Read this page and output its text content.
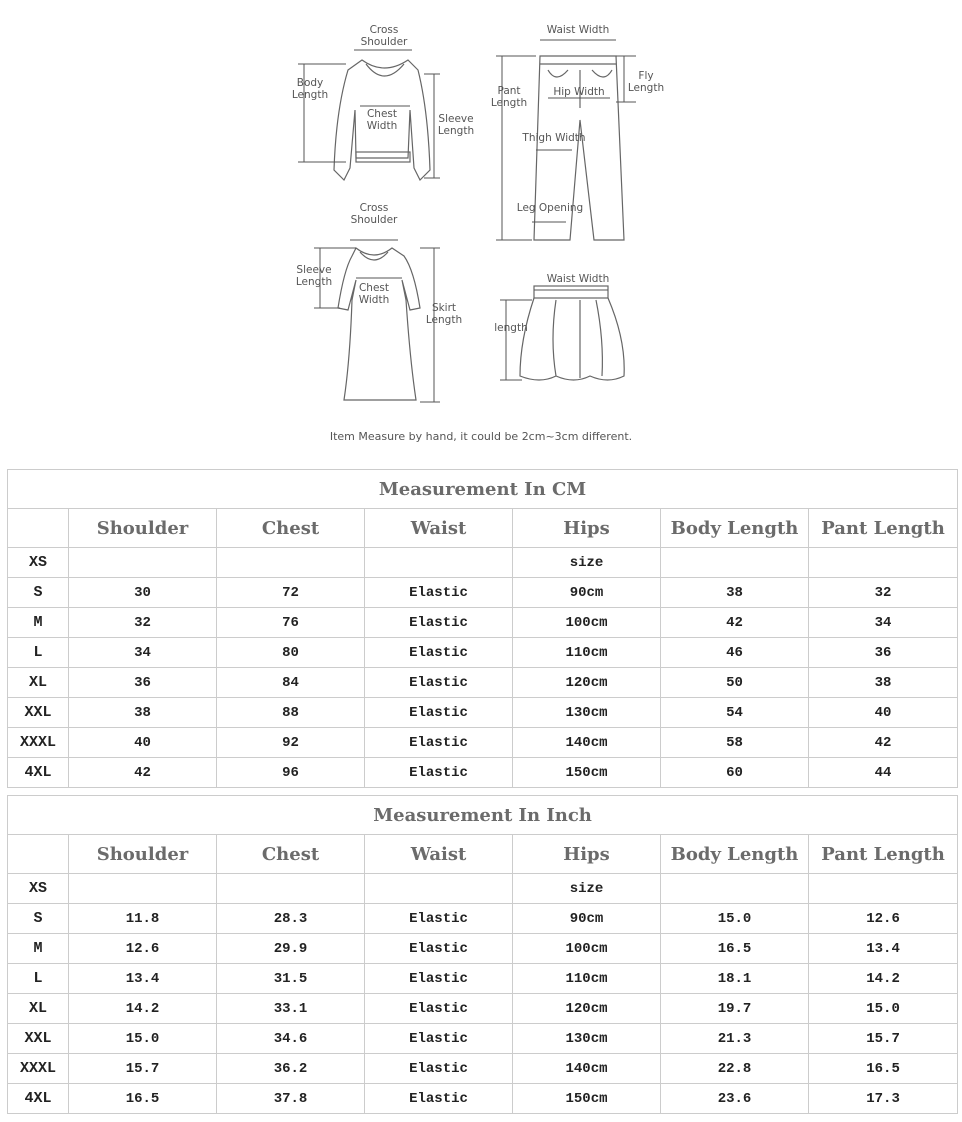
Cross
Shoulder
Body
Length
Chest
Width
Sleeve
Length
Waist Width
Pant
Length
Hip Width
Fly
Length
Thigh Width
Leg Opening
Cross
Shoulder
Sleeve
Length	Chest
Width
Skirt
Length
Waist Width
length
Item Measure by hand, it could be 2cm~3cm different.
Measurement In CM						
	Shoulder	Chest	Waist	Hips	Body Length	Pant Length
XS				size		
S	30	72	Elastic	90cm	38	32
M	32	76	Elastic	100cm	42	34
L	34	80	Elastic	110cm	46	36
XL	36	84	Elastic	120cm	50	38
XXL	38	88	Elastic	130cm	54	40
XXXL	40	92	Elastic	140cm	58	42
4XL	42	96	Elastic	150cm	60	44
Measurement In Inch						
	Shoulder	Chest	Waist	Hips	Body Length	Pant Length
XS				size		
S	11.8	28.3	Elastic	90cm	15.0	12.6
M	12.6	29.9	Elastic	100cm	16.5	13.4
L	13.4	31.5	Elastic	110cm	18.1	14.2
XL	14.2	33.1	Elastic	120cm	19.7	15.0
XXL	15.0	34.6	Elastic	130cm	21.3	15.7
XXXL	15.7	36.2	Elastic	140cm	22.8	16.5
4XL	16.5	37.8	Elastic	150cm	23.6	17.3
